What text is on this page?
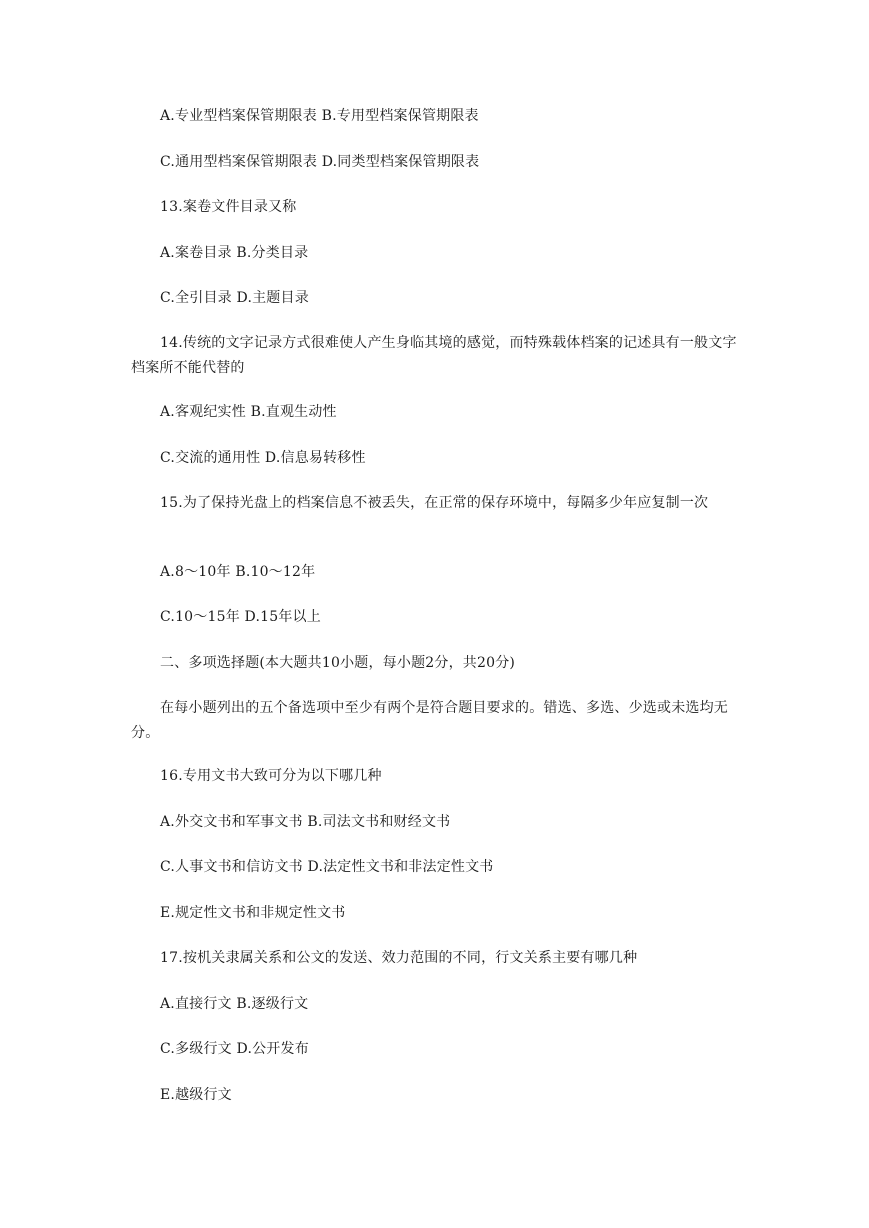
A.专业型档案保管期限表 B.专用型档案保管期限表
C.通用型档案保管期限表 D.同类型档案保管期限表
13.案卷文件目录又称
A.案卷目录 B.分类目录
C.全引目录 D.主题目录
14.传统的文字记录方式很难使人产生身临其境的感觉，而特殊载体档案的记述具有一般文字档案所不能代替的
A.客观纪实性 B.直观生动性
C.交流的通用性 D.信息易转移性
15.为了保持光盘上的档案信息不被丢失，在正常的保存环境中，每隔多少年应复制一次
A.8～10年 B.10～12年
C.10～15年 D.15年以上
二、多项选择题(本大题共10小题，每小题2分，共20分)
在每小题列出的五个备选项中至少有两个是符合题目要求的。错选、多选、少选或未选均无分。
16.专用文书大致可分为以下哪几种
A.外交文书和军事文书 B.司法文书和财经文书
C.人事文书和信访文书 D.法定性文书和非法定性文书
E.规定性文书和非规定性文书
17.按机关隶属关系和公文的发送、效力范围的不同，行文关系主要有哪几种
A.直接行文 B.逐级行文
C.多级行文 D.公开发布
E.越级行文
